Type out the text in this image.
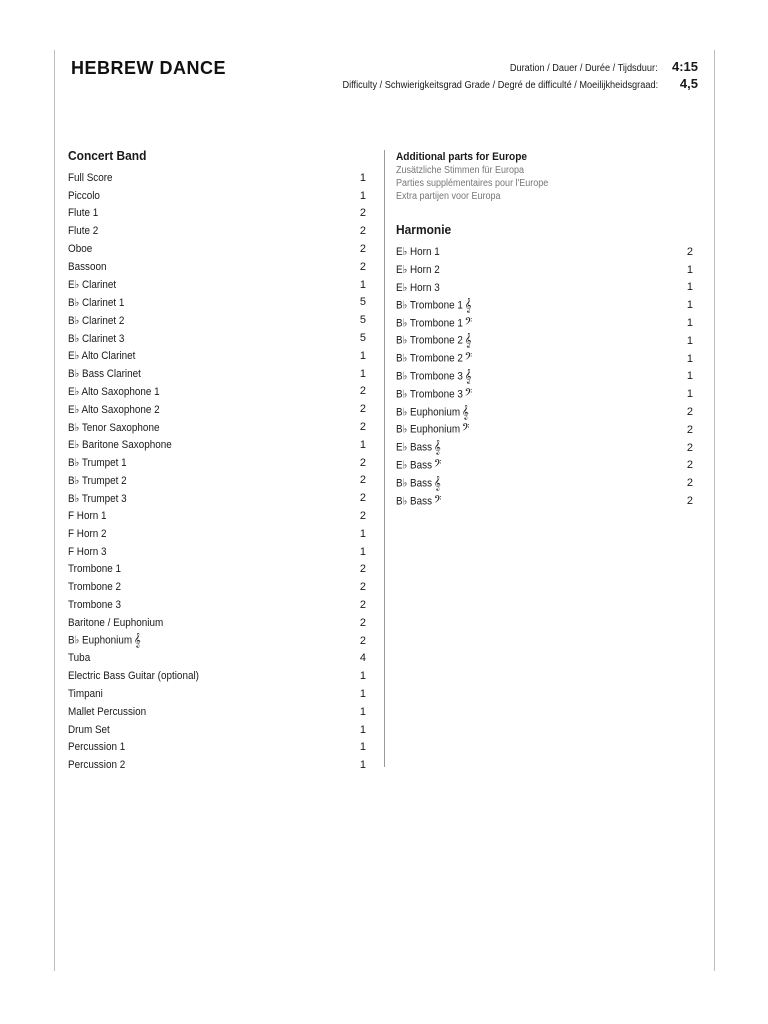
HEBREW DANCE	Duration / Dauer / Durée / Tijdsduur:	4:15
Difficulty / Schwierigkeitsgrad Grade / Degré de difficulté / Moeilijkheidsgraad:	4,5
Concert Band
Full Score	1
Piccolo	1
Flute 1	2
Flute 2	2
Oboe	2
Bassoon	2
E♭ Clarinet	1
B♭ Clarinet 1	5
B♭ Clarinet 2	5
B♭ Clarinet 3	5
E♭ Alto Clarinet	1
B♭ Bass Clarinet	1
E♭ Alto Saxophone 1	2
E♭ Alto Saxophone 2	2
B♭ Tenor Saxophone	2
E♭ Baritone Saxophone	1
B♭ Trumpet 1	2
B♭ Trumpet 2	2
B♭ Trumpet 3	2
F Horn 1	2
F Horn 2	1
F Horn 3	1
Trombone 1	2
Trombone 2	2
Trombone 3	2
Baritone / Euphonium	2
B♭ Euphonium 𝄞	2
Tuba	4
Electric Bass Guitar (optional)	1
Timpani	1
Mallet Percussion	1
Drum Set	1
Percussion 1	1
Percussion 2	1
Additional parts for Europe
Zusätzliche Stimmen für Europa
Parties supplémentaires pour l'Europe
Extra partijen voor Europa
Harmonie
E♭ Horn 1	2
E♭ Horn 2	1
E♭ Horn 3	1
B♭ Trombone 1 𝄞	1
B♭ Trombone 1 𝄢	1
B♭ Trombone 2 𝄞	1
B♭ Trombone 2 𝄢	1
B♭ Trombone 3 𝄞	1
B♭ Trombone 3 𝄢	1
B♭ Euphonium 𝄞	2
B♭ Euphonium 𝄢	2
E♭ Bass 𝄞	2
E♭ Bass 𝄢	2
B♭ Bass 𝄞	2
B♭ Bass 𝄢	2
